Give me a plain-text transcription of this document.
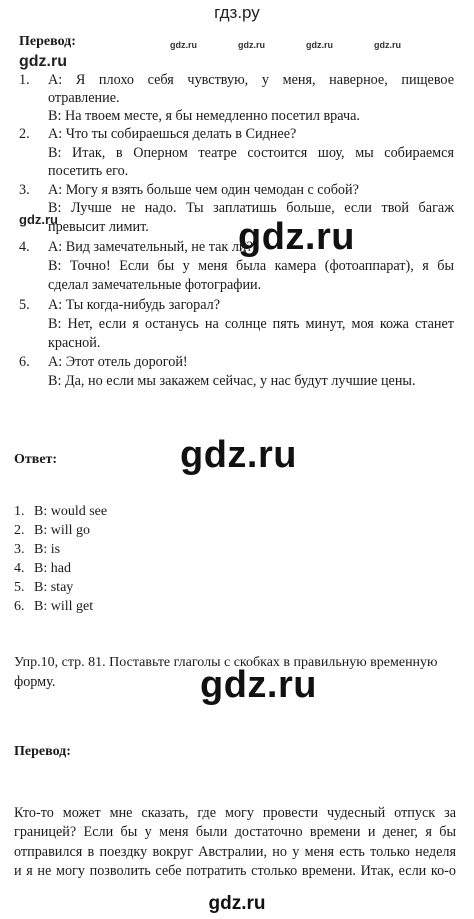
гдз.ру
Перевод:	gdz.ru	gdz.ru	gdz.ru	gdz.ru
gdz.ru
1.	A: Я плохо себя чувствую, у меня, наверное, пищевое
отравление.
B: На твоем месте, я бы немедленно посетил врача.
2.	A: Что ты собираешься делать в Сиднее?
B: Итак, в Оперном театре состоится шоу, мы собираемся
посетить его.
3.	A: Могу я взять больше чем один чемодан с собой?
B: Лучше не надо. Ты заплатишь больше, если твой багаж
gdz.ru
превысит лимит. gdz.ru
4.	A: Вид замечательный, не так ли?
B: Точно! Если бы у меня была камера (фотоаппарат), я бы
сделал замечательные фотографии.
5.	A: Ты когда-нибудь загорал?
B: Нет, если я останусь на солнце пять минут, моя кожа станет
красной.
6.	A: Этот отель дорогой!
B: Да, но если мы закажем сейчас, у нас будут лучшие цены.
Ответ:	gdz.ru
1. B: would see
2. B: will go
3. B: is
4. B: had
5. B: stay
6. B: will get
Упр.10, стр. 81. Поставьте глаголы с скобках в правильную временную
форму.	gdz.ru
Перевод:
Кто-то может мне сказать, где могу провести чудесный отпуск за
границей? Если бы у меня были достаточно времени и денег, я бы
отправился в поездку вокруг Австралии, но у меня есть только неделя
и я не могу позволить себе потратить столько времени. Итак, если ко-о
gdz.ru
